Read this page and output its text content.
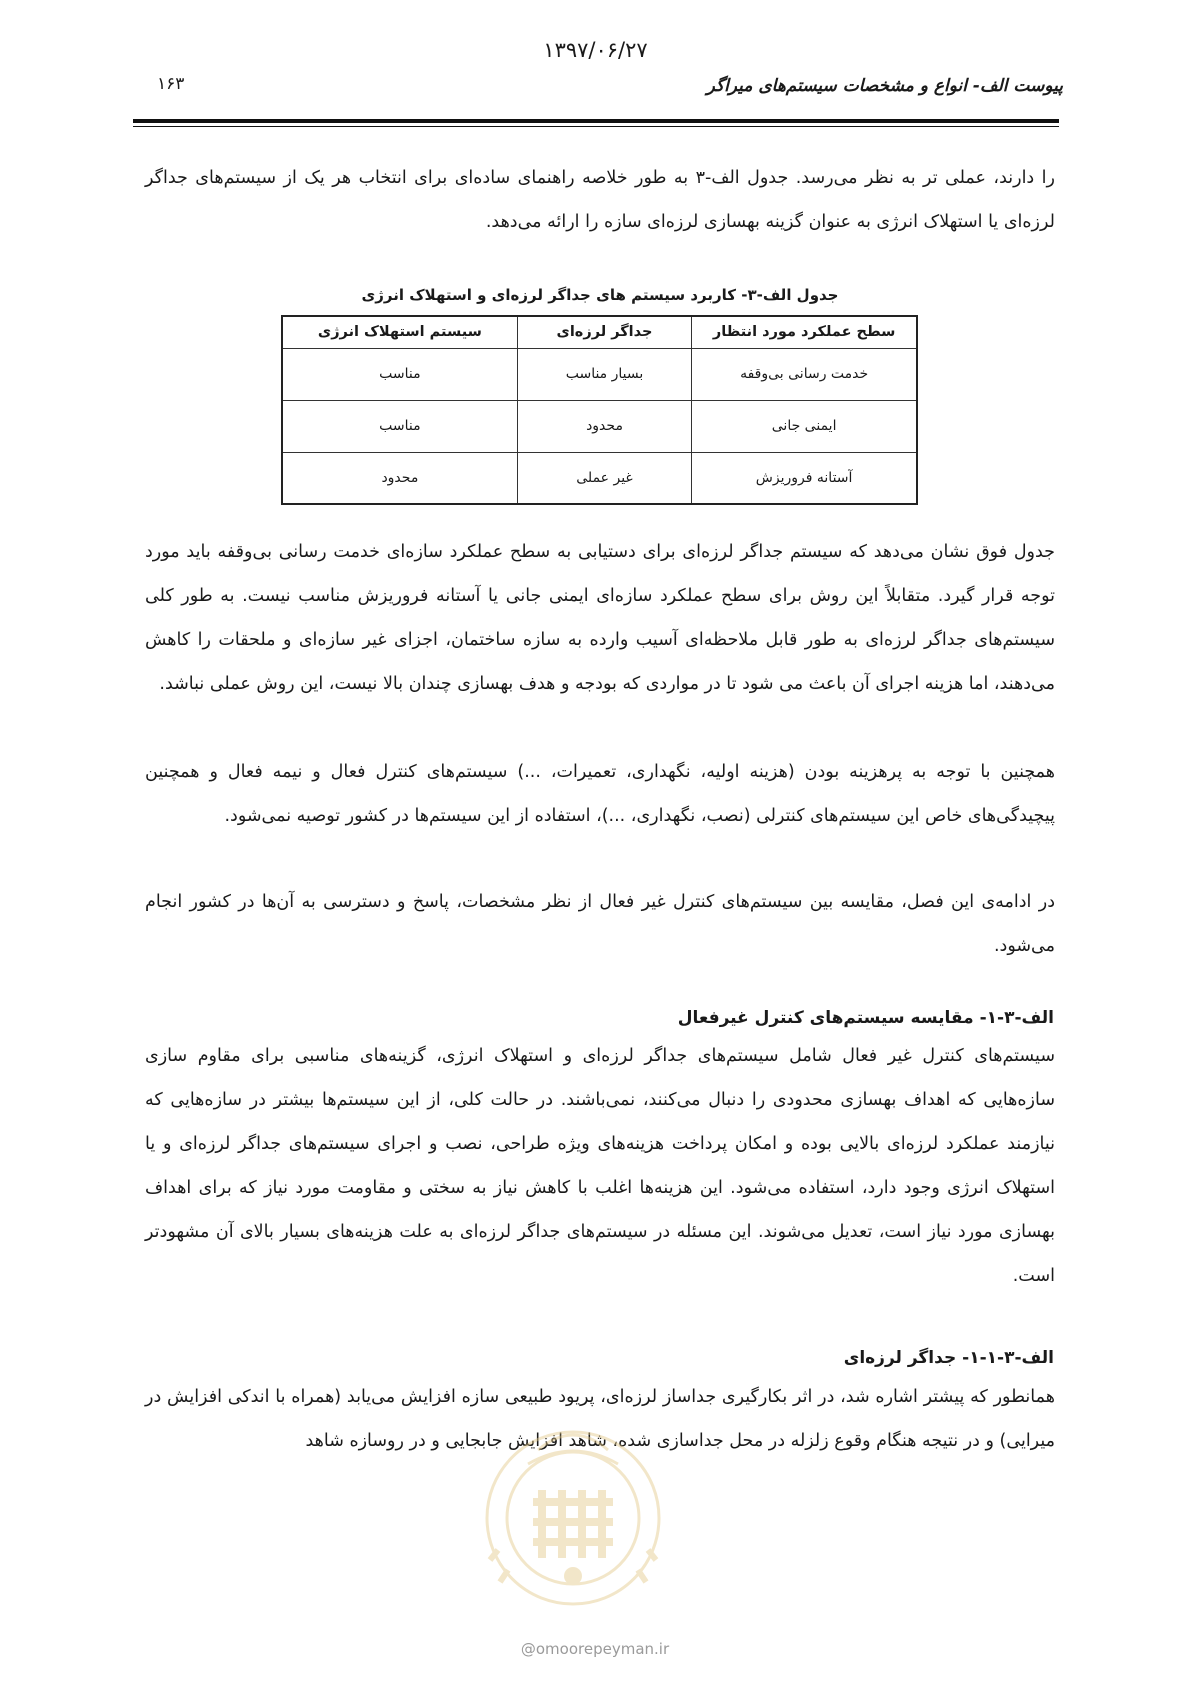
۱۳۹۷/۰۶/۲۷
پیوست الف- انواع و مشخصات سیستم‌های میراگر
۱۶۳
را دارند، عملی تر به نظر می‌رسد. جدول الف-۳ به طور خلاصه راهنمای ساده‌ای برای انتخاب هر یک از سیستم‌های جداگر لرزه‌ای یا استهلاک انرژی به عنوان گزینه بهسازی لرزه‌ای سازه را ارائه می‌دهد.
جدول الف-۳- کاربرد سیستم های جداگر لرزه‌ای و استهلاک انرژی
سطح عملکرد مورد انتظار	جداگر لرزه‌ای	سیستم استهلاک انرژی
خدمت رسانی بی‌وقفه	بسیار مناسب	مناسب
ایمنی جانی	محدود	مناسب
آستانه فروریزش	غیر عملی	محدود
جدول فوق نشان می‌دهد که سیستم جداگر لرزه‌ای برای دستیابی به سطح عملکرد سازه‌ای خدمت رسانی بی‌وقفه باید مورد توجه قرار گیرد. متقابلاً این روش برای سطح عملکرد سازه‌ای ایمنی جانی یا آستانه فروریزش مناسب نیست. به طور کلی سیستم‌های جداگر لرزه‌ای به طور قابل ملاحظه‌ای آسیب وارده به سازه ساختمان، اجزای غیر سازه‌ای و ملحقات را کاهش می‌دهند، اما هزینه اجرای آن باعث می شود تا در مواردی که بودجه و هدف بهسازی چندان بالا نیست، این روش عملی نباشد.
همچنین با توجه به پرهزینه بودن (هزینه اولیه، نگهداری، تعمیرات، ...) سیستم‌های کنترل فعال و نیمه فعال و همچنین پیچیدگی‌های خاص این سیستم‌های کنترلی (نصب، نگهداری، ...)، استفاده از این سیستم‌ها در کشور توصیه نمی‌شود.
در ادامه‌ی این فصل، مقایسه بین سیستم‌های کنترل غیر فعال از نظر مشخصات، پاسخ و دسترسی به آن‌ها در کشور انجام می‌شود.
الف-۳-۱- مقایسه سیستم‌های کنترل غیرفعال
سیستم‌های کنترل غیر فعال شامل سیستم‌های جداگر لرزه‌ای و استهلاک انرژی، گزینه‌های مناسبی برای مقاوم سازی سازه‌هایی که اهداف بهسازی محدودی را دنبال می‌کنند، نمی‌باشند. در حالت کلی، از این سیستم‌ها بیشتر در سازه‌هایی که نیازمند عملکرد لرزه‌ای بالایی بوده و امکان پرداخت هزینه‌های ویژه طراحی، نصب و اجرای سیستم‌های جداگر لرزه‌ای و یا استهلاک انرژی وجود دارد، استفاده می‌شود. این هزینه‌ها اغلب با کاهش نیاز به سختی و مقاومت مورد نیاز که برای اهداف بهسازی مورد نیاز است، تعدیل می‌شوند. این مسئله در سیستم‌های جداگر لرزه‌ای به علت هزینه‌های بسیار بالای آن مشهودتر است.
الف-۳-۱-۱- جداگر لرزه‌ای
همانطور که پیشتر اشاره شد، در اثر بکارگیری جداساز لرزه‌ای، پریود طبیعی سازه افزایش می‌یابد (همراه با اندکی افزایش در میرایی) و در نتیجه هنگام وقوع زلزله در محل جداسازی شده، شاهد افزایش جابجایی و در روسازه شاهد
@omoorepeyman.ir
